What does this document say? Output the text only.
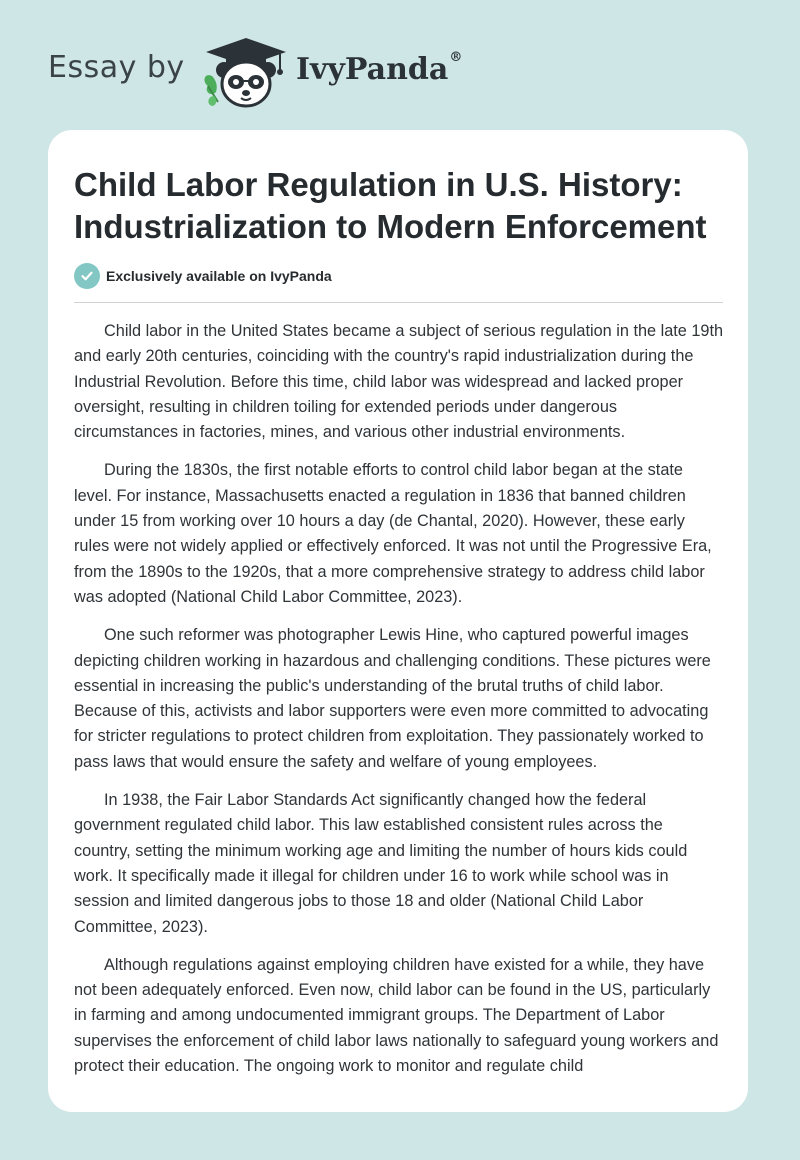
Essay by	IvyPanda®
Child Labor Regulation in U.S. History: Industrialization to Modern Enforcement
Exclusively available on IvyPanda

Child labor in the United States became a subject of serious regulation in the late 19th and early 20th centuries, coinciding with the country's rapid industrialization during the Industrial Revolution. Before this time, child labor was widespread and lacked proper oversight, resulting in children toiling for extended periods under dangerous circumstances in factories, mines, and various other industrial environments.

During the 1830s, the first notable efforts to control child labor began at the state level. For instance, Massachusetts enacted a regulation in 1836 that banned children under 15 from working over 10 hours a day (de Chantal, 2020). However, these early rules were not widely applied or effectively enforced. It was not until the Progressive Era, from the 1890s to the 1920s, that a more comprehensive strategy to address child labor was adopted (National Child Labor Committee, 2023).

One such reformer was photographer Lewis Hine, who captured powerful images depicting children working in hazardous and challenging conditions. These pictures were essential in increasing the public's understanding of the brutal truths of child labor. Because of this, activists and labor supporters were even more committed to advocating for stricter regulations to protect children from exploitation. They passionately worked to pass laws that would ensure the safety and welfare of young employees.

In 1938, the Fair Labor Standards Act significantly changed how the federal government regulated child labor. This law established consistent rules across the country, setting the minimum working age and limiting the number of hours kids could work. It specifically made it illegal for children under 16 to work while school was in session and limited dangerous jobs to those 18 and older (National Child Labor Committee, 2023).

Although regulations against employing children have existed for a while, they have not been adequately enforced. Even now, child labor can be found in the US, particularly in farming and among undocumented immigrant groups. The Department of Labor supervises the enforcement of child labor laws nationally to safeguard young workers and protect their education. The ongoing work to monitor and regulate child
